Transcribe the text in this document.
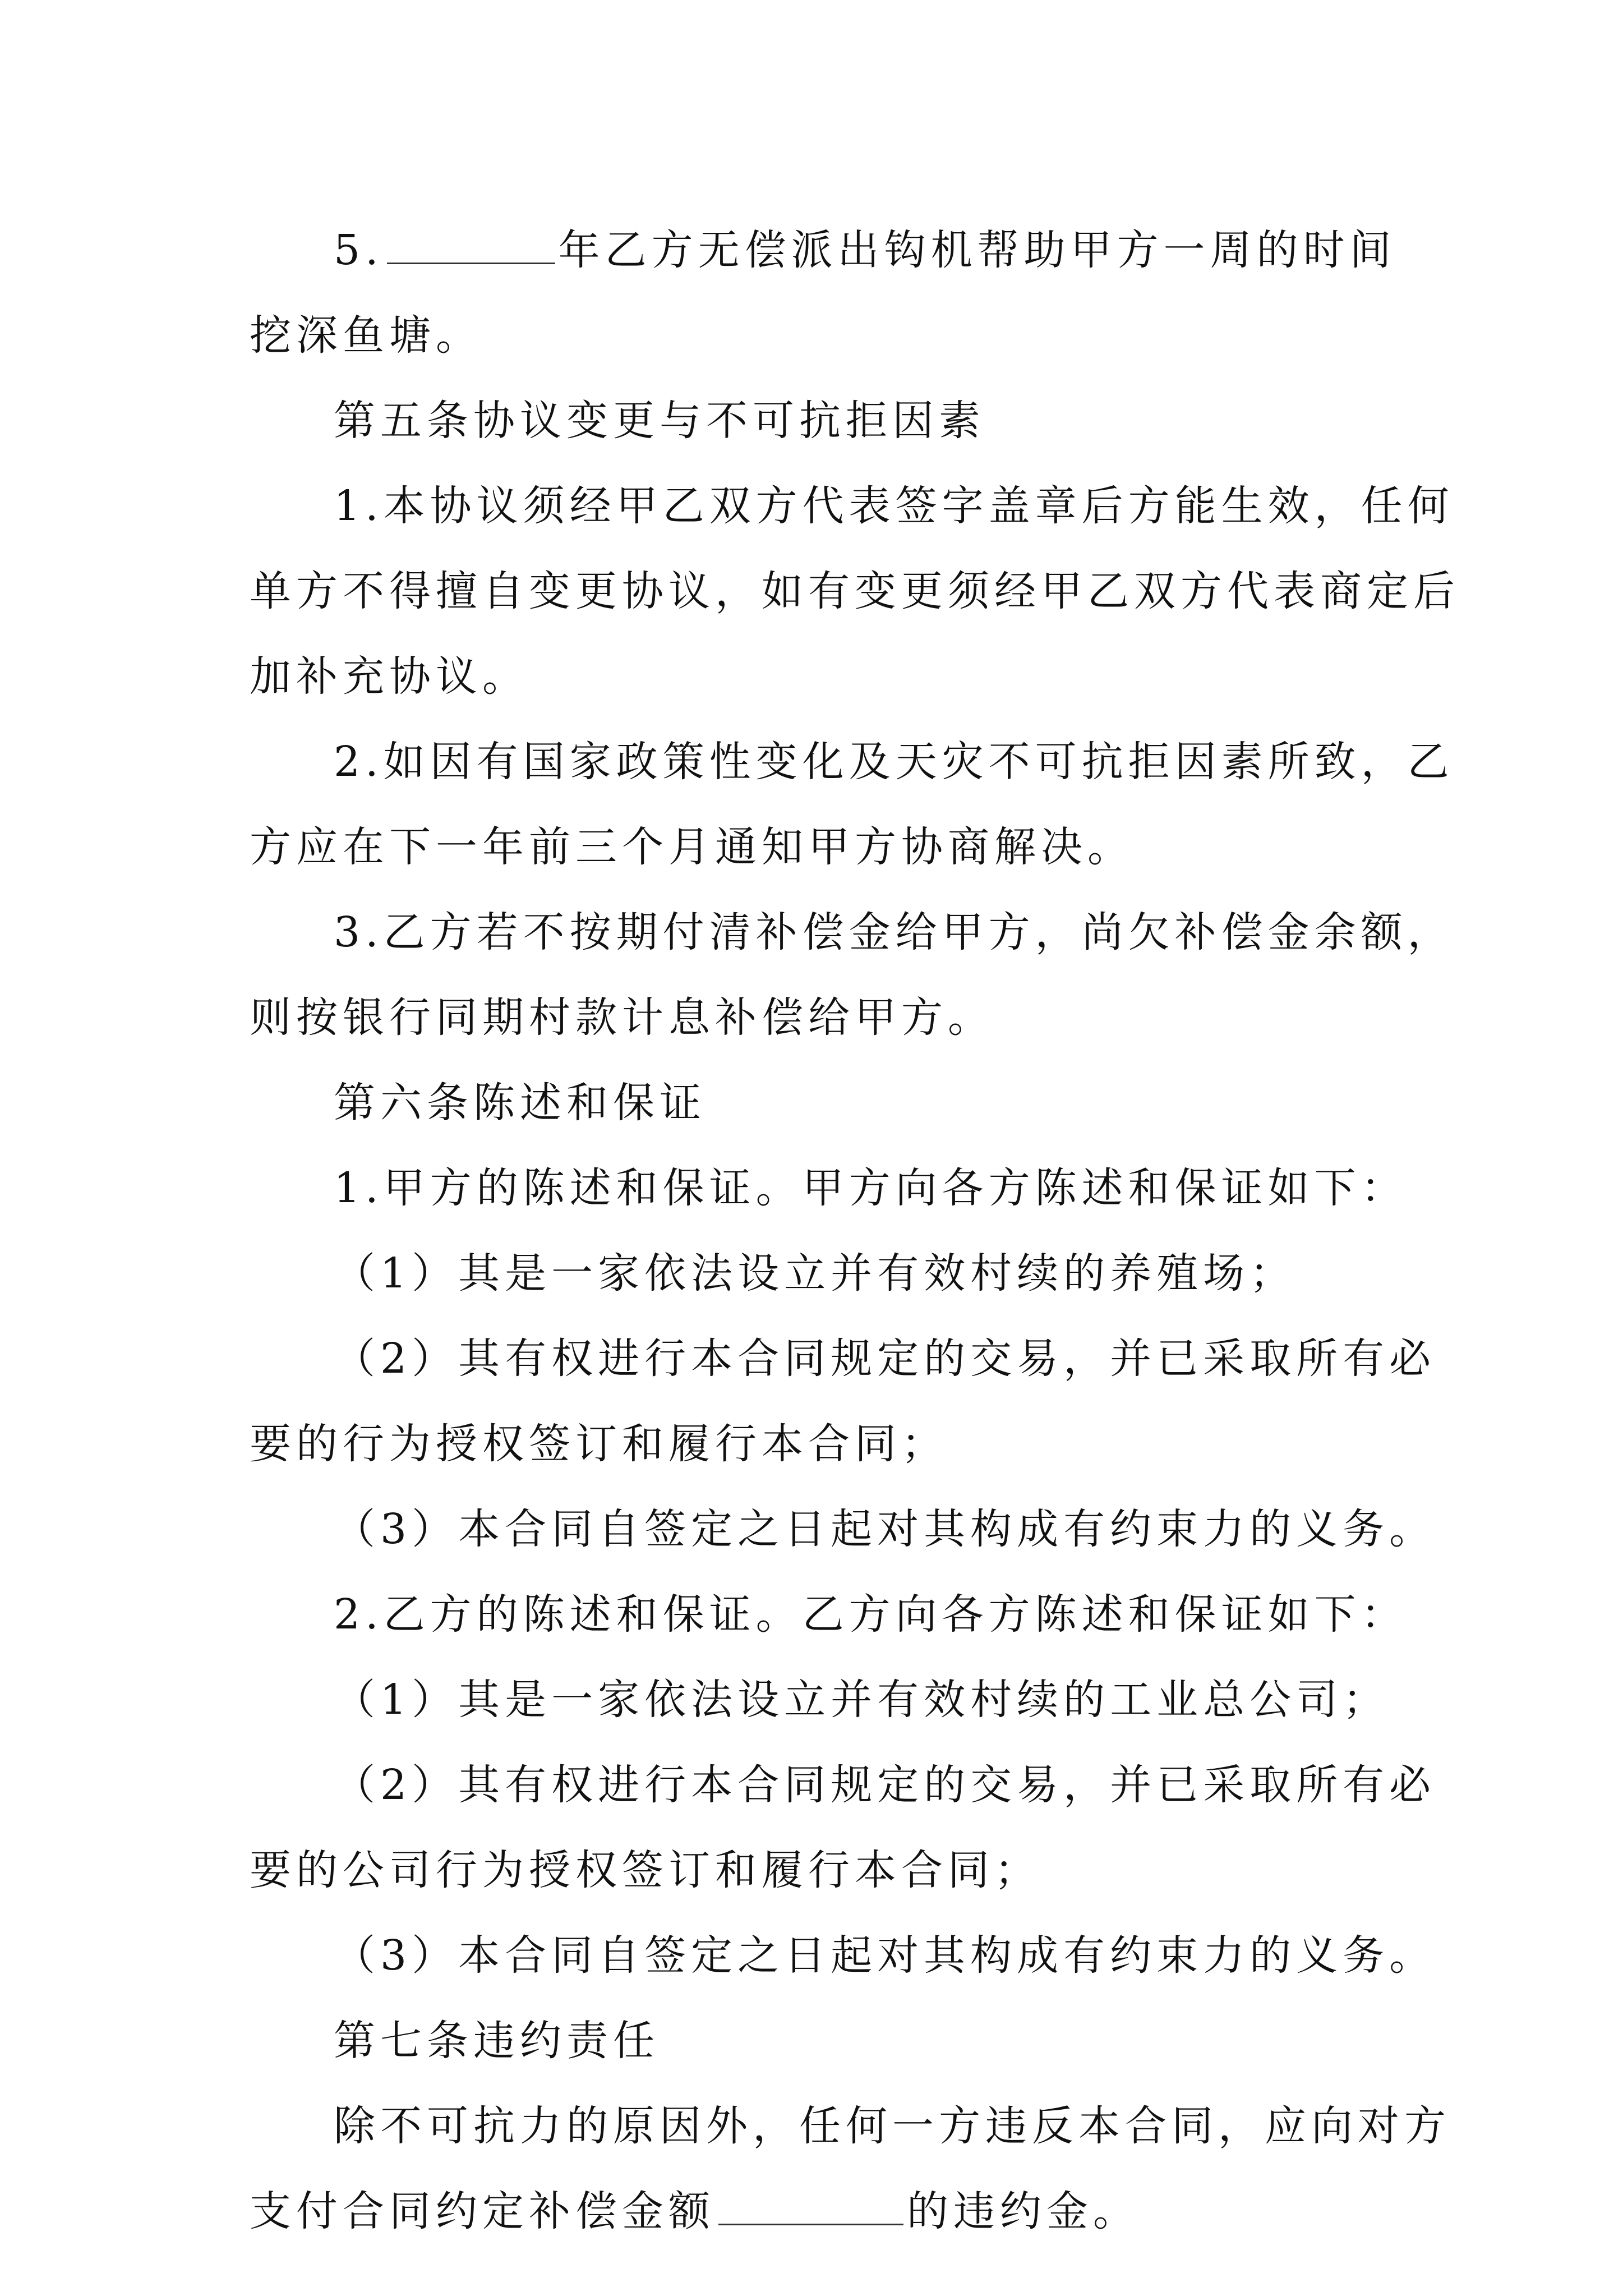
5.	年乙方无偿派出钩机帮助甲方一周的时间
挖深鱼塘。
第五条协议变更与不可抗拒因素
1.本协议须经甲乙双方代表签字盖章后方能生效，任何
单方不得擅自变更协议，如有变更须经甲乙双方代表商定后
加补充协议。
2.如因有国家政策性变化及天灾不可抗拒因素所致，乙
方应在下一年前三个月通知甲方协商解决。
3.乙方若不按期付清补偿金给甲方，尚欠补偿金余额，
则按银行同期村款计息补偿给甲方。
第六条陈述和保证
1.甲方的陈述和保证。甲方向各方陈述和保证如下：
（1）其是一家依法设立并有效村续的养殖场；
（2）其有权进行本合同规定的交易，并已采取所有必
要的行为授权签订和履行本合同；
（3）本合同自签定之日起对其构成有约束力的义务。
2.乙方的陈述和保证。乙方向各方陈述和保证如下：
（1）其是一家依法设立并有效村续的工业总公司；
（2）其有权进行本合同规定的交易，并已采取所有必
要的公司行为授权签订和履行本合同；
（3）本合同自签定之日起对其构成有约束力的义务。
第七条违约责任
除不可抗力的原因外，任何一方违反本合同，应向对方
支付合同约定补偿金额	的违约金。
